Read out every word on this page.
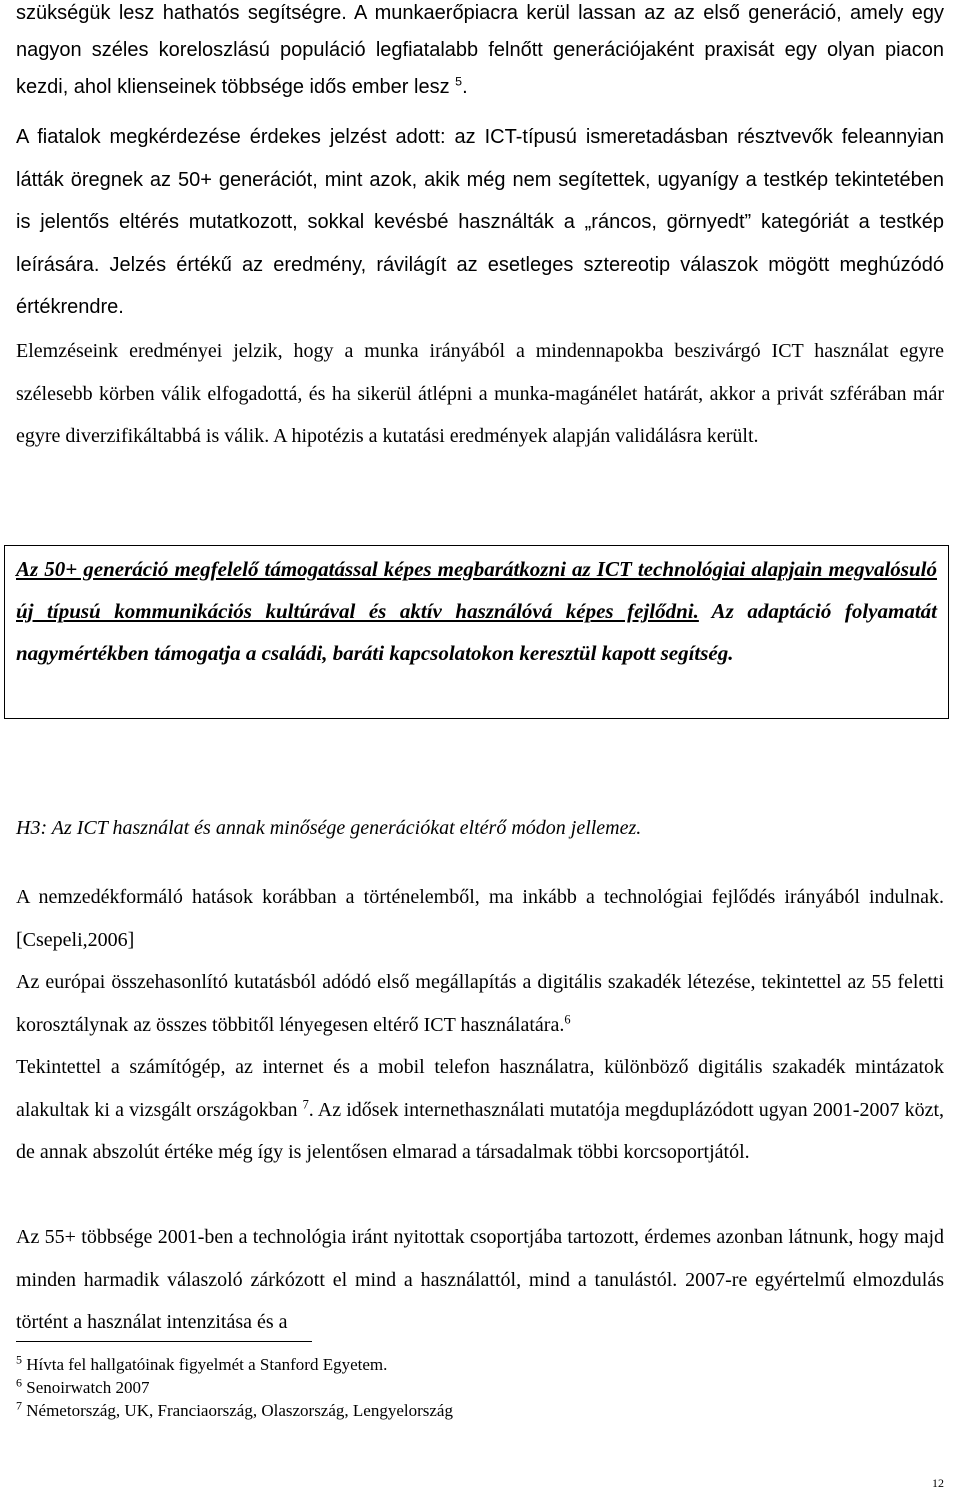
szükségük lesz hathatós segítségre. A munkaerőpiacra kerül lassan az az első generáció, amely egy nagyon széles koreloszlású populáció legfiatalabb felnőtt generációjaként praxisát egy olyan piacon kezdi, ahol klienseinek többsége idős ember lesz $^5$.

A fiatalok megkérdezése érdekes jelzést adott: az ICT-típusú ismeretadásban résztvevők feleannyian látták öregnek az 50+ generációt, mint azok, akik még nem segítettek, ugyanígy a testkép tekintetében is jelentős eltérés mutatkozott, sokkal kevésbé használták a „ráncos, görnyedt” kategóriát a testkép leírására. Jelzés értékű az eredmény, rávilágít az esetleges sztereotip válaszok mögött meghúzódó értékrendre.

Elemzéseink eredményei jelzik, hogy a munka irányából a mindennapokba beszivárgó ICT használat egyre szélesebb körben válik elfogadottá, és ha sikerül átlépni a munka-magánélet határát, akkor a privát szférában már egyre diverzifikáltabbá is válik. A hipotézis a kutatási eredmények alapján validálásra került.

Az 50+ generáció megfelelő támogatással képes megbarátkozni az ICT technológiai alapjain megvalósuló új típusú kommunikációs kultúrával és aktív használóvá képes fejlődni. Az adaptáció folyamatát nagymértékben támogatja a családi, baráti kapcsolatokon keresztül kapott segítség.

H3: Az ICT használat és annak minősége generációkat eltérő módon jellemez.

A nemzedékformáló hatások korábban a történelemből, ma inkább a technológiai fejlődés irányából indulnak. [Csepeli,2006]

Az európai összehasonlító kutatásból adódó első megállapítás a digitális szakadék létezése, tekintettel az 55 feletti korosztálynak az összes többitől lényegesen eltérő ICT használatára.$^6$

Tekintettel a számítógép, az internet és a mobil telefon használatra, különböző digitális szakadék mintázatok alakultak ki a vizsgált országokban $^7$. Az idősek internethasználati mutatója megduplázódott ugyan 2001-2007 közt, de annak abszolút értéke még így is jelentősen elmarad a társadalmak többi korcsoportjától.

Az 55+ többsége 2001-ben a technológia iránt nyitottak csoportjába tartozott, érdemes azonban látnunk, hogy majd minden harmadik válaszoló zárkózott el mind a használattól, mind a tanulástól. 2007-re egyértelmű elmozdulás történt a használat intenzitása és a

$^5$ Hívta fel hallgatóinak figyelmét a Stanford Egyetem.
$^6$ Senoirwatch 2007
$^7$ Németország, UK, Franciaország, Olaszország, Lengyelország
12
